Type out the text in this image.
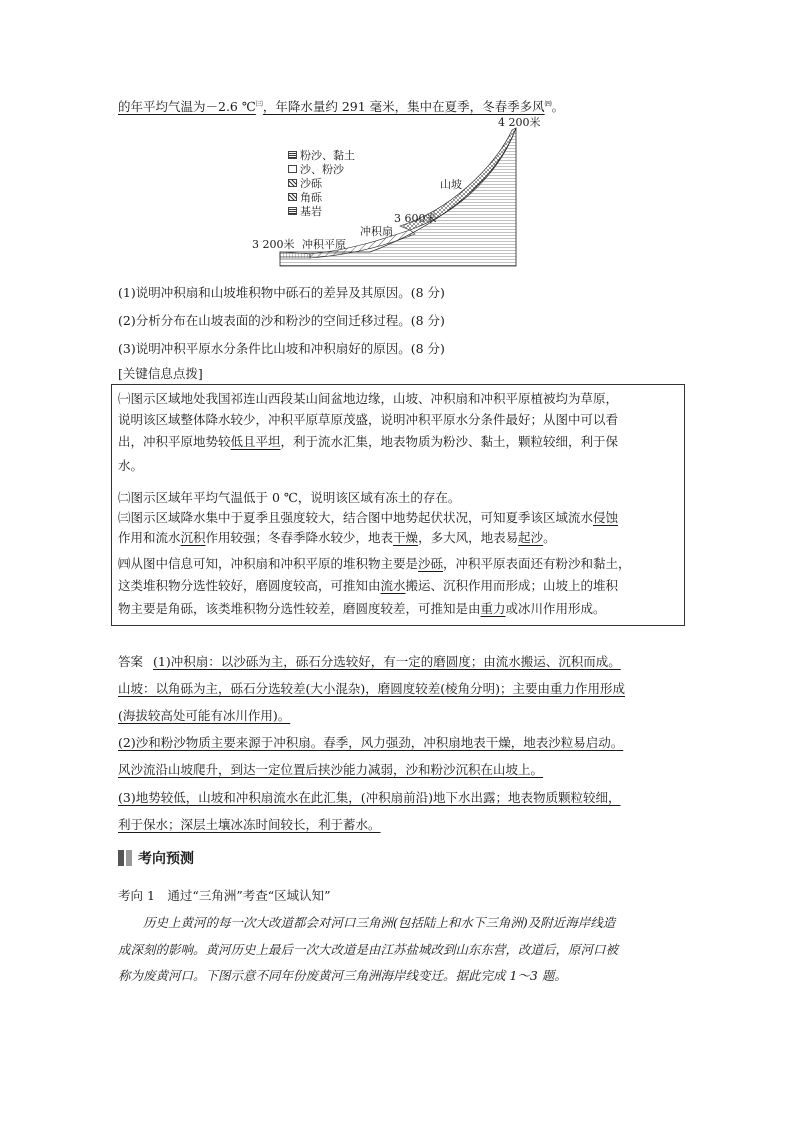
的年平均气温为－2.6 ℃$^㈢$，年降水量约 291 毫米，集中在夏季，冬春季多风$^㈣$。
粉沙、黏土
沙、粉沙
沙砾
角砾
基岩
4 200米
山坡
3 600米
冲积扇
3 200米 冲积平原
(1)说明冲积扇和山坡堆积物中砾石的差异及其原因。(8 分)
(2)分析分布在山坡表面的沙和粉沙的空间迁移过程。(8 分)
(3)说明冲积平原水分条件比山坡和冲积扇好的原因。(8 分)
[关键信息点拨]

㈠图示区域地处我国祁连山西段某山间盆地边缘，山坡、冲积扇和冲积平原植被均为草原，

说明该区域整体降水较少，冲积平原草原茂盛，说明冲积平原水分条件最好；从图中可以看

出，冲积平原地势较低且平坦，利于流水汇集，地表物质为粉沙、黏土，颗粒较细，利于保

水。

㈡图示区域年平均气温低于 0 ℃，说明该区域有冻土的存在。

㈢图示区域降水集中于夏季且强度较大，结合图中地势起伏状况，可知夏季该区域流水侵蚀

作用和流水沉积作用较强；冬春季降水较少，地表干燥，多大风，地表易起沙。

㈣从图中信息可知，冲积扇和冲积平原的堆积物主要是沙砾，冲积平原表面还有粉沙和黏土，

这类堆积物分选性较好，磨圆度较高，可推知由流水搬运、沉积作用而形成；山坡上的堆积

物主要是角砾，该类堆积物分选性较差，磨圆度较差，可推知是由重力或冰川作用形成。

答案 (1)冲积扇：以沙砾为主，砾石分选较好，有一定的磨圆度；由流水搬运、沉积而成。
山坡：以角砾为主，砾石分选较差(大小混杂)，磨圆度较差(棱角分明)；主要由重力作用形成
(海拔较高处可能有冰川作用)。
(2)沙和粉沙物质主要来源于冲积扇。春季，风力强劲，冲积扇地表干燥，地表沙粒易启动。
风沙流沿山坡爬升，到达一定位置后挟沙能力减弱，沙和粉沙沉积在山坡上。
(3)地势较低，山坡和冲积扇流水在此汇集，(冲积扇前沿)地下水出露；地表物质颗粒较细，
利于保水；深层土壤冰冻时间较长，利于蓄水。
考向预测
考向 1　通过“三角洲”考查“区域认知”
历史上黄河的每一次大改道都会对河口三角洲(包括陆上和水下三角洲)及附近海岸线造
成深刻的影响。黄河历史上最后一次大改道是由江苏盐城改到山东东营，改道后，原河口被
称为废黄河口。下图示意不同年份废黄河三角洲海岸线变迁。据此完成 1～3 题。
